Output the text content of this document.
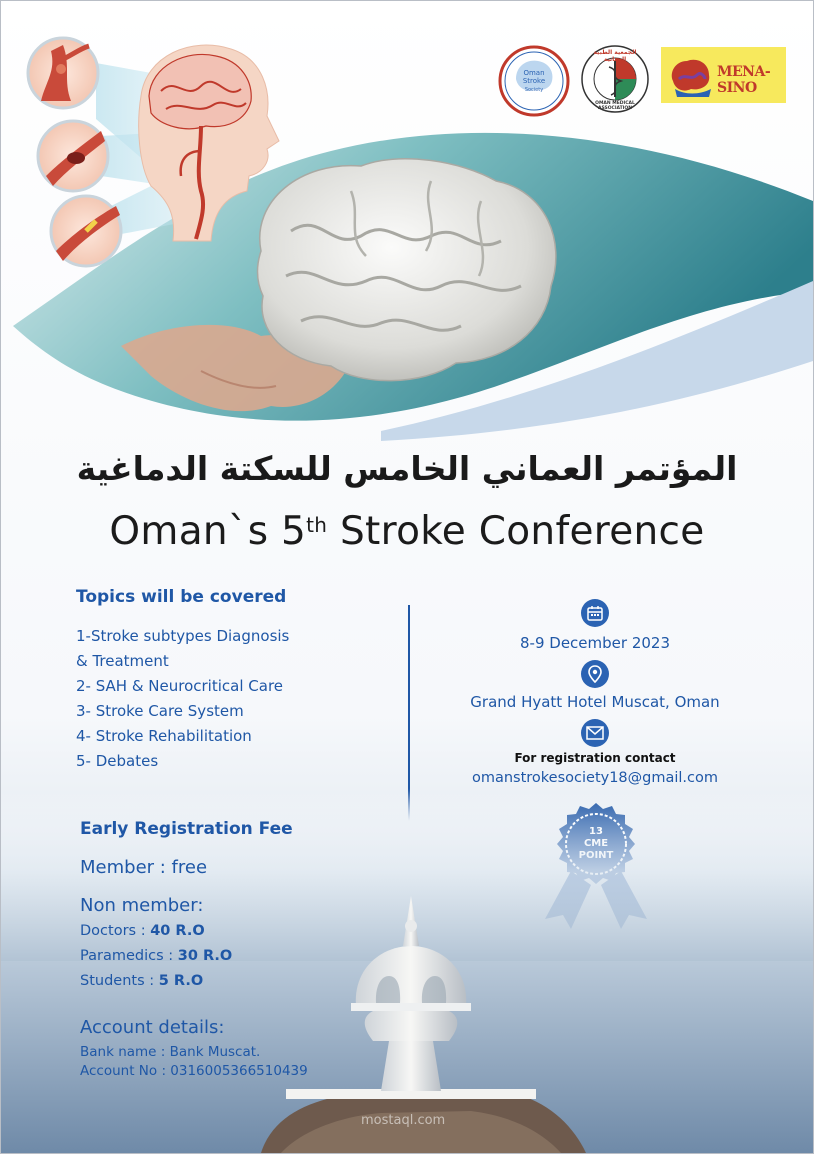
Oman
Stroke
Society
الجمعية الطبية العمانية
OMAN MEDICAL ASSOCIATION
MENA-SINO
المؤتمر العماني الخامس للسكتة الدماغية
Oman`s 5th Stroke Conference
Topics will be covered
1-Stroke subtypes Diagnosis
& Treatment
2- SAH & Neurocritical Care
3- Stroke Care System
4- Stroke Rehabilitation
5- Debates
8-9 December 2023
Grand Hyatt Hotel Muscat, Oman
For registration contact
omanstrokesociety18@gmail.com
Early Registration Fee
Member : free
Non member:
Doctors : 40 R.O
Paramedics : 30 R.O
Students : 5 R.O
Account details:
Bank name : Bank Muscat.
Account No : 0316005366510439
mostaql.com
